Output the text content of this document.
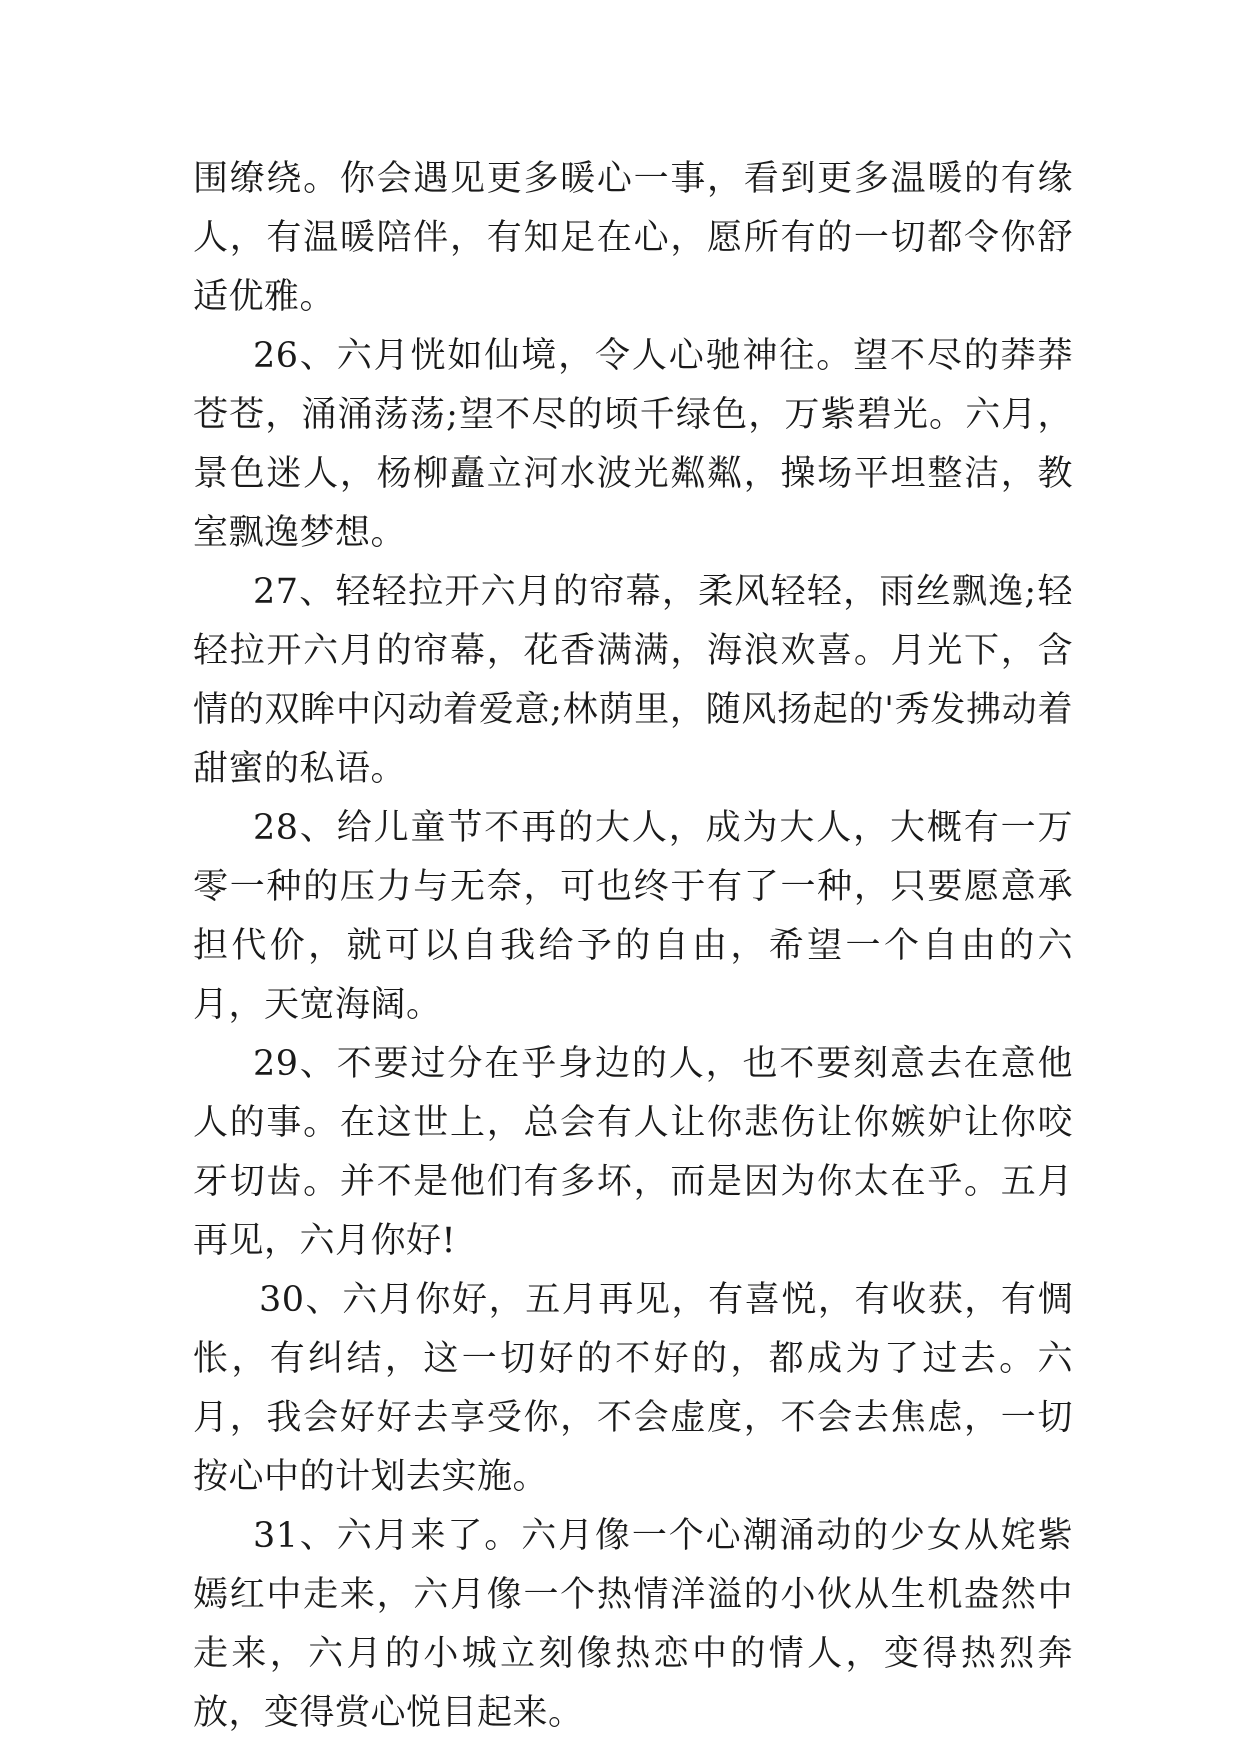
围缭绕。你会遇见更多暖心一事，看到更多温暖的有缘人，有温暖陪伴，有知足在心，愿所有的一切都令你舒适优雅。

26、六月恍如仙境，令人心驰神往。望不尽的莽莽苍苍，涌涌荡荡;望不尽的顷千绿色，万紫碧光。六月，景色迷人，杨柳矗立河水波光粼粼，操场平坦整洁，教室飘逸梦想。

27、轻轻拉开六月的帘幕，柔风轻轻，雨丝飘逸;轻轻拉开六月的帘幕，花香满满，海浪欢喜。月光下，含情的双眸中闪动着爱意;林荫里，随风扬起的'秀发拂动着甜蜜的私语。

28、给儿童节不再的大人，成为大人，大概有一万零一种的压力与无奈，可也终于有了一种，只要愿意承担代价，就可以自我给予的自由，希望一个自由的六月，天宽海阔。

29、不要过分在乎身边的人，也不要刻意去在意他人的事。在这世上，总会有人让你悲伤让你嫉妒让你咬牙切齿。并不是他们有多坏，而是因为你太在乎。五月再见，六月你好!

30、六月你好，五月再见，有喜悦，有收获，有惆怅，有纠结，这一切好的不好的，都成为了过去。六月，我会好好去享受你，不会虚度，不会去焦虑，一切按心中的计划去实施。

31、六月来了。六月像一个心潮涌动的少女从姹紫嫣红中走来，六月像一个热情洋溢的小伙从生机盎然中走来，六月的小城立刻像热恋中的情人，变得热烈奔放，变得赏心悦目起来。
